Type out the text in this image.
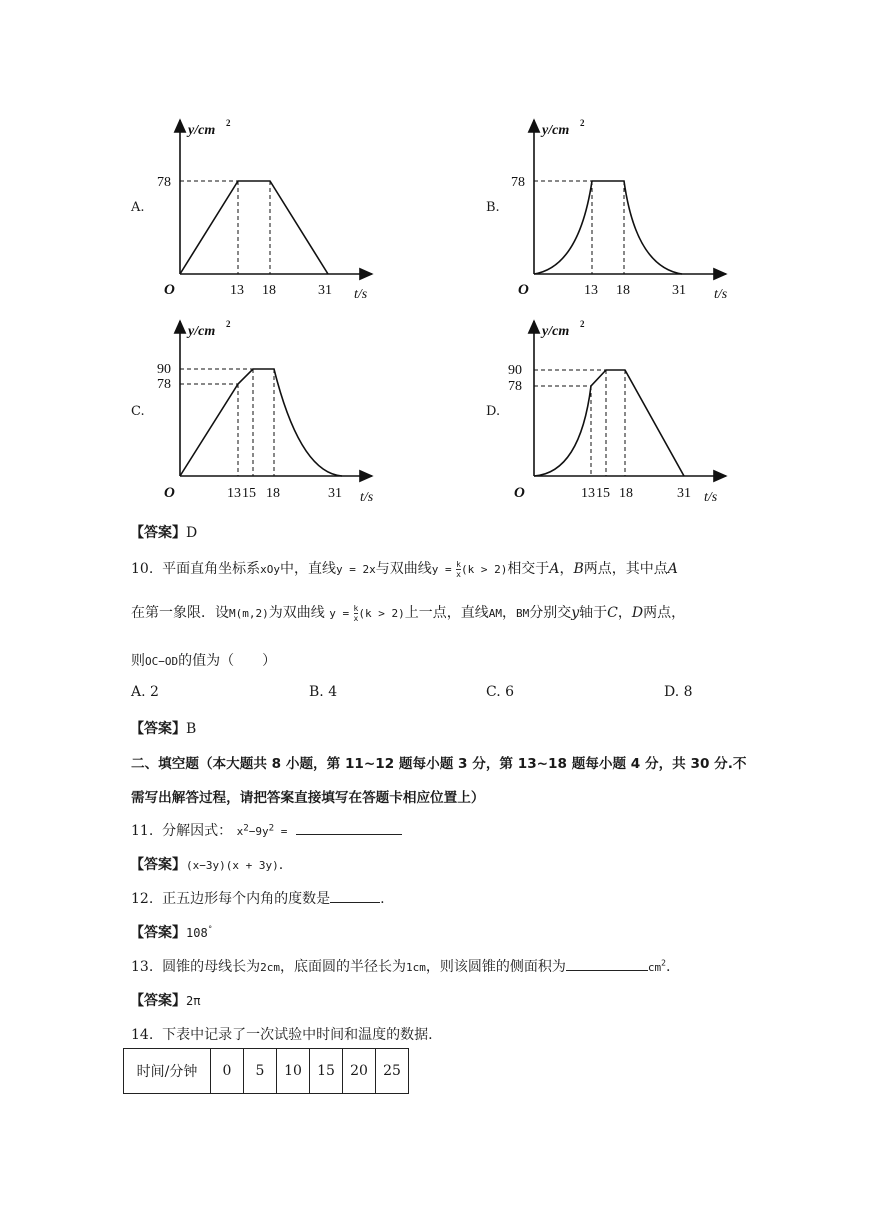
A.
y/cm 2
78
O	13 18	31 t/s
B.
y/cm 2
78
O	13 18	31 t/s
C.
y/cm 2
90
78
O	13 15 18	31 t/s
D.
y/cm 2
90
78
O	13 15 18	31 t/s
【答案】D
10. 平面直角坐标系xOy中，直线y = 2x与双曲线$y = \frac{k}{x} (k > 2)$相交于A，B两点，其中点A
在第一象限．设M(m,2)为双曲线 $y = \frac{k}{x} (k > 2)$上一点，直线AM，BM分别交y轴于C，D两点，
则OC−OD的值为（　　）
A. 2	B. 4	C. 6	D. 8
【答案】B
二、填空题（本大题共 8 小题，第 11~12 题每小题 3 分，第 13~18 题每小题 4 分，共 30 分.不
需写出解答过程，请把答案直接填写在答题卡相应位置上）
11. 分解因式： $x^2-9y^2$ =
【答案】(x−3y)(x + 3y).
12. 正五边形每个内角的度数是	.
【答案】108°
13. 圆锥的母线长为2cm，底面圆的半径长为1cm，则该圆锥的侧面积为	$cm^2$.
【答案】2π
14. 下表中记录了一次试验中时间和温度的数据.
时间/分钟	0	5	10	15	20	25
